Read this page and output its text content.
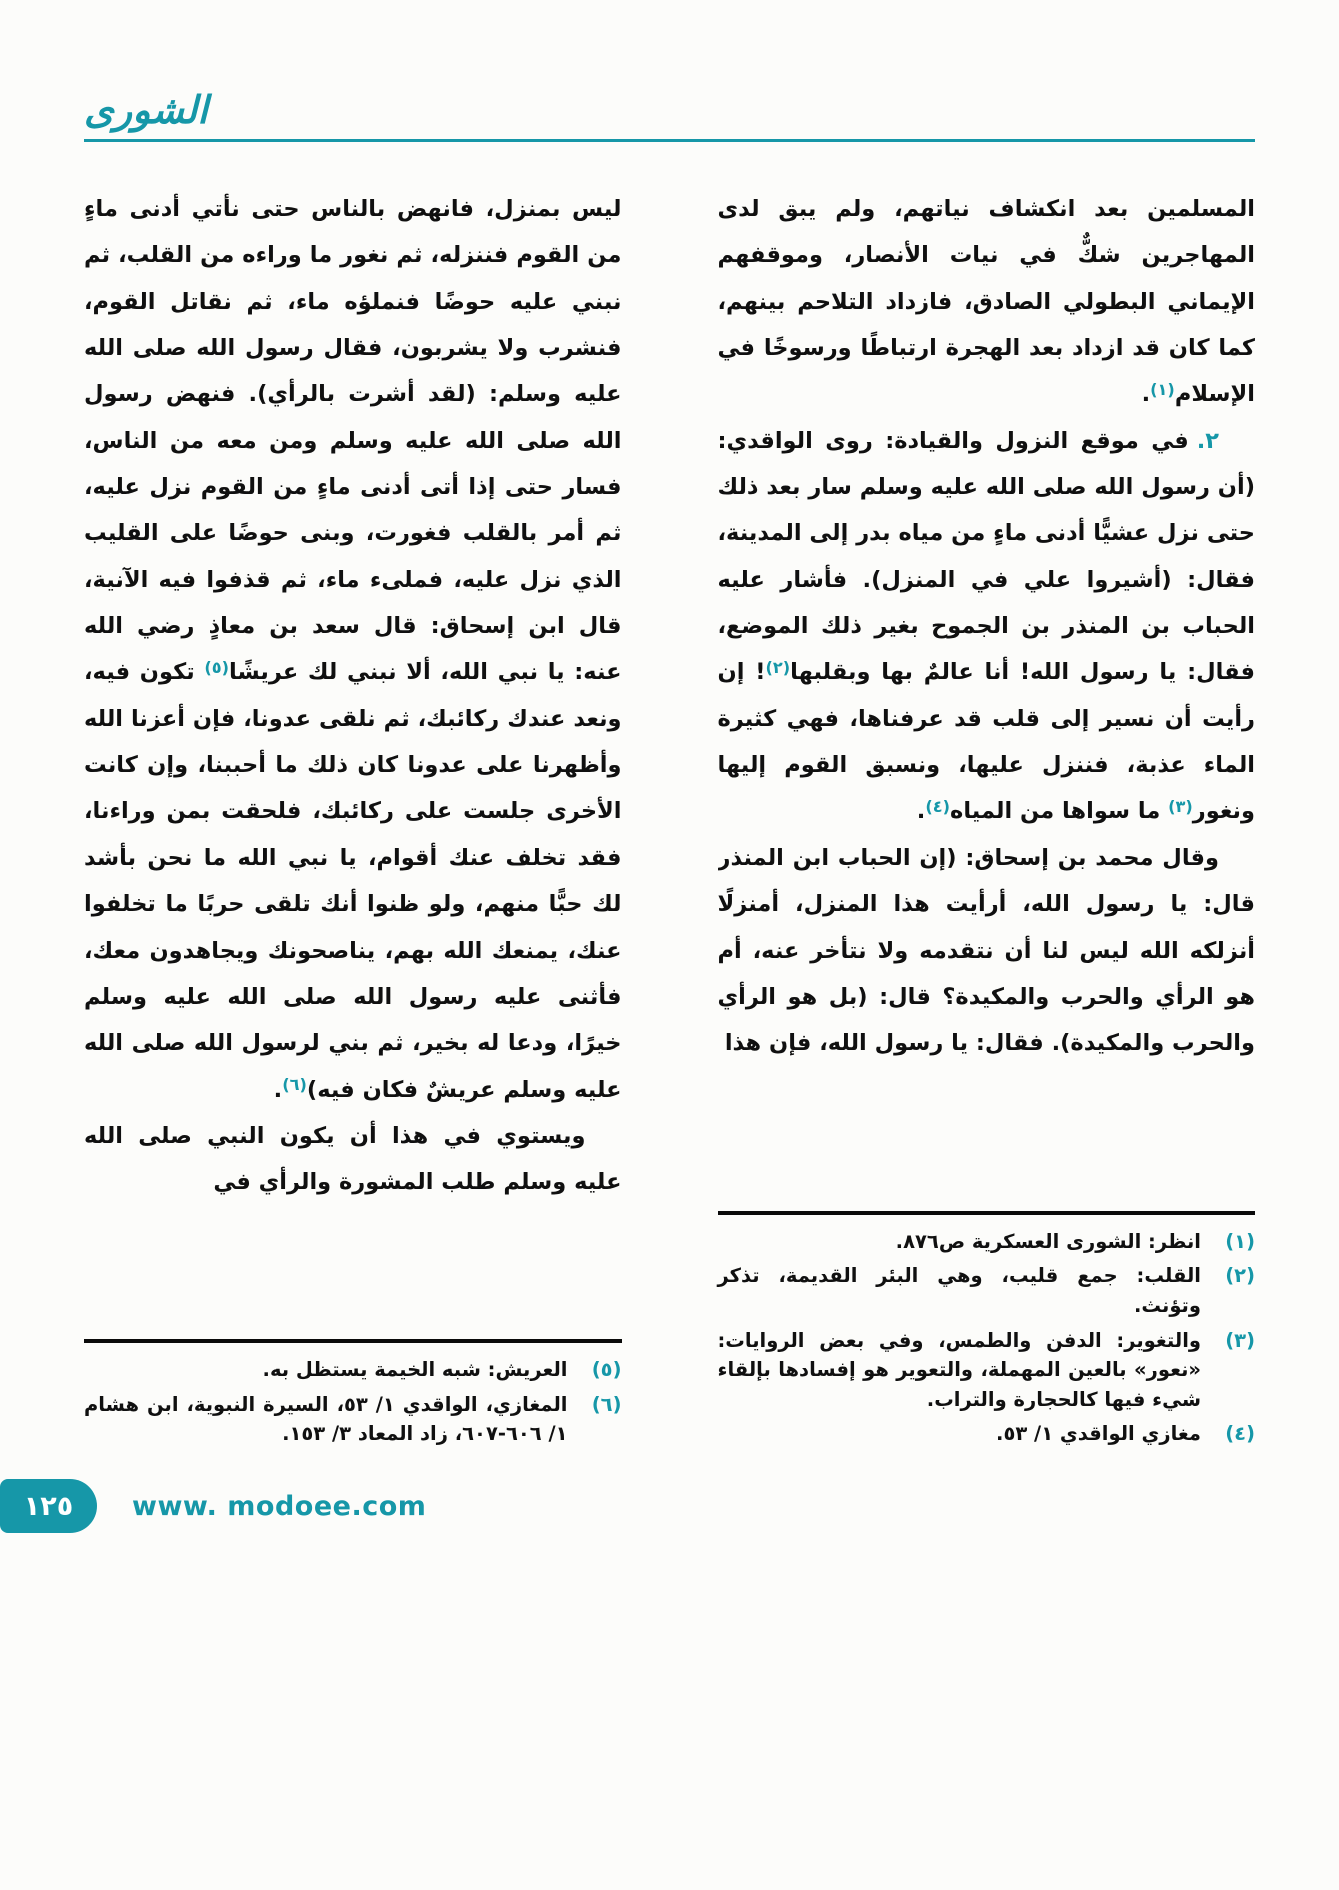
الشورى

المسلمين بعد انكشاف نياتهم، ولم يبق لدى المهاجرين شكٌّ في نيات الأنصار، وموقفهم الإيماني البطولي الصادق، فازداد التلاحم بينهم، كما كان قد ازداد بعد الهجرة ارتباطًا ورسوخًا في الإسلام$^{(١)}$.

٢.في موقع النزول والقيادة: روى الواقدي: (أن رسول الله صلى الله عليه وسلم سار بعد ذلك حتى نزل عشيًّا أدنى ماءٍ من مياه بدر إلى المدينة، فقال: (أشيروا علي في المنزل). فأشار عليه الحباب بن المنذر بن الجموح بغير ذلك الموضع، فقال: يا رسول الله! أنا عالمٌ بها وبقلبها$^{(٢)}$! إن رأيت أن نسير إلى قلب قد عرفناها، فهي كثيرة الماء عذبة، فننزل عليها، ونسبق القوم إليها ونغور$^{(٣)}$ ما سواها من المياه$^{(٤)}$.

وقال محمد بن إسحاق: (إن الحباب ابن المنذر قال: يا رسول الله، أرأيت هذا المنزل، أمنزلًا أنزلكه الله ليس لنا أن نتقدمه ولا نتأخر عنه، أم هو الرأي والحرب والمكيدة؟ قال: (بل هو الرأي والحرب والمكيدة). فقال: يا رسول الله، فإن هذا

(١)انظر: الشورى العسكرية ص٨٧٦.

(٢)القلب: جمع قليب، وهي البئر القديمة، تذكر وتؤنث.

(٣)والتغوير: الدفن والطمس، وفي بعض الروايات: «نعور» بالعين المهملة، والتعوير هو إفسادها بإلقاء شيء فيها كالحجارة والتراب.

(٤)مغازي الواقدي ١/ ٥٣.

ليس بمنزل، فانهض بالناس حتى نأتي أدنى ماءٍ من القوم فننزله، ثم نغور ما وراءه من القلب، ثم نبني عليه حوضًا فنملؤه ماء، ثم نقاتل القوم، فنشرب ولا يشربون، فقال رسول الله صلى الله عليه وسلم: (لقد أشرت بالرأي). فنهض رسول الله صلى الله عليه وسلم ومن معه من الناس، فسار حتى إذا أتى أدنى ماءٍ من القوم نزل عليه، ثم أمر بالقلب فغورت، وبنى حوضًا على القليب الذي نزل عليه، فملىء ماء، ثم قذفوا فيه الآنية، قال ابن إسحاق: قال سعد بن معاذٍ رضي الله عنه: يا نبي الله، ألا نبني لك عريشًا$^{(٥)}$ تكون فيه، ونعد عندك ركائبك، ثم نلقى عدونا، فإن أعزنا الله وأظهرنا على عدونا كان ذلك ما أحببنا، وإن كانت الأخرى جلست على ركائبك، فلحقت بمن وراءنا، فقد تخلف عنك أقوام، يا نبي الله ما نحن بأشد لك حبًّا منهم، ولو ظنوا أنك تلقى حربًا ما تخلفوا عنك، يمنعك الله بهم، يناصحونك ويجاهدون معك، فأثنى عليه رسول الله صلى الله عليه وسلم خيرًا، ودعا له بخير، ثم بني لرسول الله صلى الله عليه وسلم عريشٌ فكان فيه)$^{(٦)}$.

ويستوي في هذا أن يكون النبي صلى الله عليه وسلم طلب المشورة والرأي في

(٥)العريش: شبه الخيمة يستظل به.

(٦)المغازي، الواقدي ١/ ٥٣، السيرة النبوية، ابن هشام ١/ ٦٠٦-٦٠٧، زاد المعاد ٣/ ١٥٣.

١٢٥ www. modoee.com
